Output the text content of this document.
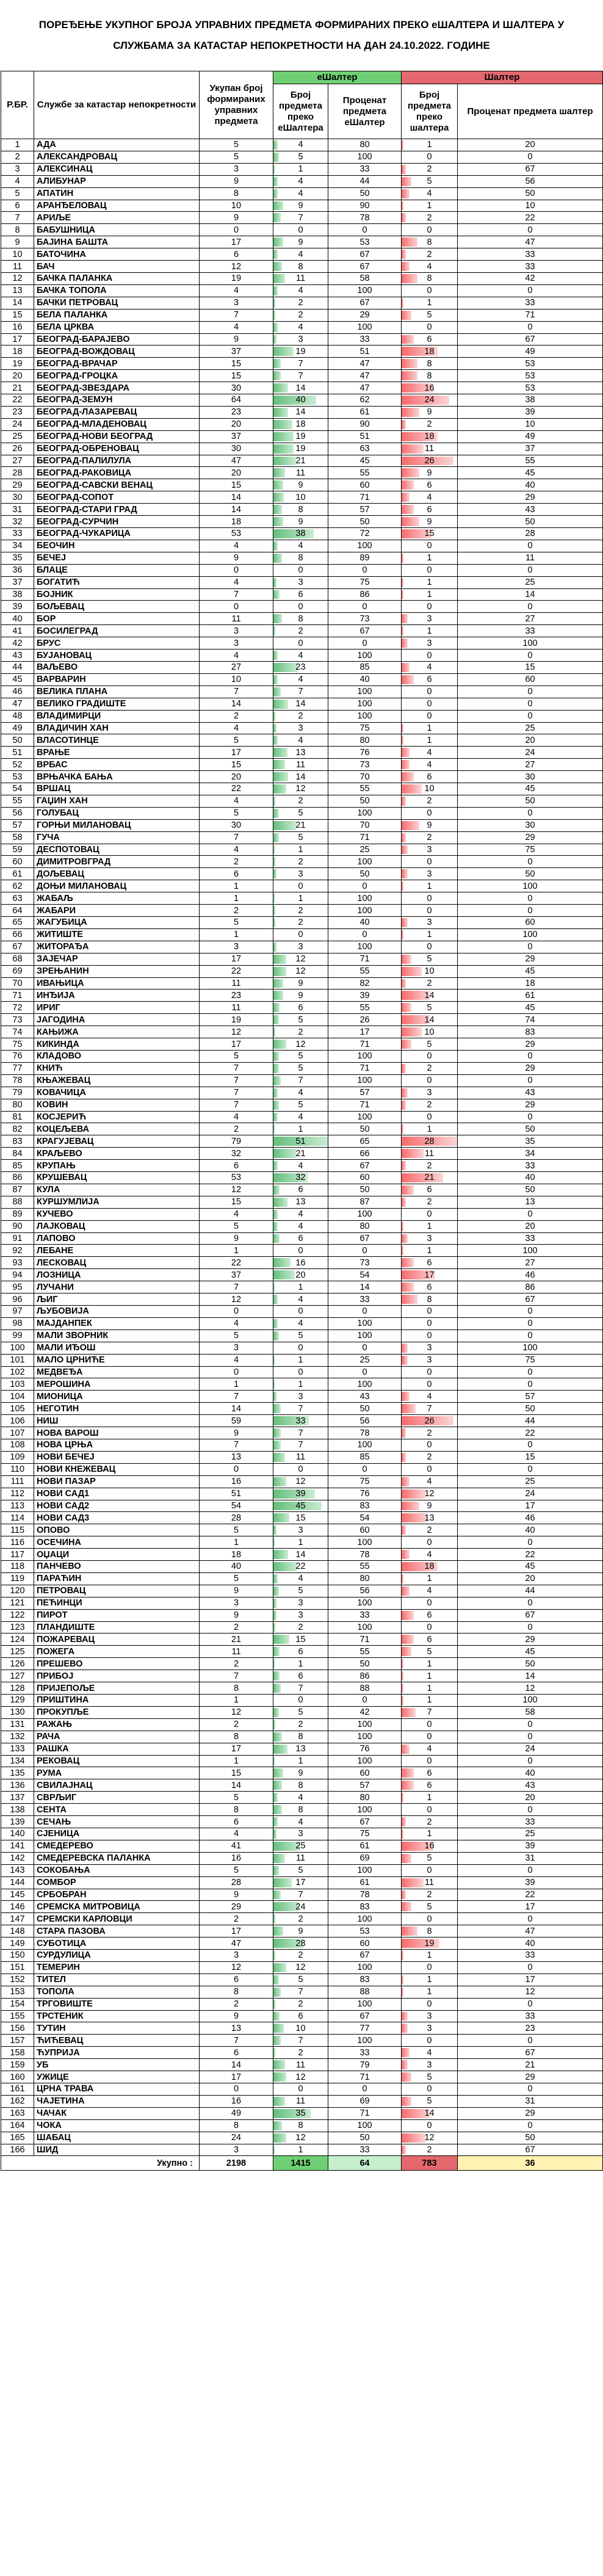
ПОРЕЂЕЊЕ УКУПНОГ БРОЈА УПРАВНИХ ПРЕДМЕТА ФОРМИРАНИХ ПРЕКО еШАЛТЕРА И ШАЛТЕРА У СЛУЖБАМА ЗА КАТАСТАР НЕПОКРЕТНОСТИ НА ДАН 24.10.2022. ГОДИНЕ
Р.БР.	Службе за катастар непокретности	Укупан број формираних управних предмета	еШалтер		Шалтер	
			Број предмета преко еШалтера	Проценат предмета еШалтер	Број предмета преко шалтера	Проценат предмета шалтер
1	АДА	5	4	80	1	20
2	АЛЕКСАНДРОВАЦ	5	5	100	0	0
3	АЛЕКСИНАЦ	3	1	33	2	67
4	АЛИБУНАР	9	4	44	5	56
5	АПАТИН	8	4	50	4	50
6	АРАНЂЕЛОВАЦ	10	9	90	1	10
7	АРИЉЕ	9	7	78	2	22
8	БАБУШНИЦА	0	0	0	0	0
9	БАЈИНА БАШТА	17	9	53	8	47
10	БАТОЧИНА	6	4	67	2	33
11	БАЧ	12	8	67	4	33
12	БАЧКА ПАЛАНКА	19	11	58	8	42
13	БАЧКА ТОПОЛА	4	4	100	0	0
14	БАЧКИ ПЕТРОВАЦ	3	2	67	1	33
15	БЕЛА ПАЛАНКА	7	2	29	5	71
16	БЕЛА ЦРКВА	4	4	100	0	0
17	БЕОГРАД-БАРАЈЕВО	9	3	33	6	67
18	БЕОГРАД-ВОЖДОВАЦ	37	19	51	18	49
19	БЕОГРАД-ВРАЧАР	15	7	47	8	53
20	БЕОГРАД-ГРОЦКА	15	7	47	8	53
21	БЕОГРАД-ЗВЕЗДАРА	30	14	47	16	53
22	БЕОГРАД-ЗЕМУН	64	40	62	24	38
23	БЕОГРАД-ЛАЗАРЕВАЦ	23	14	61	9	39
24	БЕОГРАД-МЛАДЕНОВАЦ	20	18	90	2	10
25	БЕОГРАД-НОВИ БЕОГРАД	37	19	51	18	49
26	БЕОГРАД-ОБРЕНОВАЦ	30	19	63	11	37
27	БЕОГРАД-ПАЛИЛУЛА	47	21	45	26	55
28	БЕОГРАД-РАКОВИЦА	20	11	55	9	45
29	БЕОГРАД-САВСКИ ВЕНАЦ	15	9	60	6	40
30	БЕОГРАД-СОПОТ	14	10	71	4	29
31	БЕОГРАД-СТАРИ ГРАД	14	8	57	6	43
32	БЕОГРАД-СУРЧИН	18	9	50	9	50
33	БЕОГРАД-ЧУКАРИЦА	53	38	72	15	28
34	БЕОЧИН	4	4	100	0	0
35	БЕЧЕЈ	9	8	89	1	11
36	БЛАЦЕ	0	0	0	0	0
37	БОГАТИЋ	4	3	75	1	25
38	БОЈНИК	7	6	86	1	14
39	БОЉЕВАЦ	0	0	0	0	0
40	БОР	11	8	73	3	27
41	БОСИЛЕГРАД	3	2	67	1	33
42	БРУС	3	0	0	3	100
43	БУЈАНОВАЦ	4	4	100	0	0
44	ВАЉЕВО	27	23	85	4	15
45	ВАРВАРИН	10	4	40	6	60
46	ВЕЛИКА ПЛАНА	7	7	100	0	0
47	ВЕЛИКО ГРАДИШТЕ	14	14	100	0	0
48	ВЛАДИМИРЦИ	2	2	100	0	0
49	ВЛАДИЧИН ХАН	4	3	75	1	25
50	ВЛАСОТИНЦЕ	5	4	80	1	20
51	ВРАЊЕ	17	13	76	4	24
52	ВРБАС	15	11	73	4	27
53	ВРЊАЧКА БАЊА	20	14	70	6	30
54	ВРШАЦ	22	12	55	10	45
55	ГАЏИН ХАН	4	2	50	2	50
56	ГОЛУБАЦ	5	5	100	0	0
57	ГОРЊИ МИЛАНОВАЦ	30	21	70	9	30
58	ГУЧА	7	5	71	2	29
59	ДЕСПОТОВАЦ	4	1	25	3	75
60	ДИМИТРОВГРАД	2	2	100	0	0
61	ДОЉЕВАЦ	6	3	50	3	50
62	ДОЊИ МИЛАНОВАЦ	1	0	0	1	100
63	ЖАБАЉ	1	1	100	0	0
64	ЖАБАРИ	2	2	100	0	0
65	ЖАГУБИЦА	5	2	40	3	60
66	ЖИТИШТЕ	1	0	0	1	100
67	ЖИТОРАЂА	3	3	100	0	0
68	ЗАЈЕЧАР	17	12	71	5	29
69	ЗРЕЊАНИН	22	12	55	10	45
70	ИВАЊИЦА	11	9	82	2	18
71	ИНЂИЈА	23	9	39	14	61
72	ИРИГ	11	6	55	5	45
73	ЈАГОДИНА	19	5	26	14	74
74	КАЊИЖА	12	2	17	10	83
75	КИКИНДА	17	12	71	5	29
76	КЛАДОВО	5	5	100	0	0
77	КНИЋ	7	5	71	2	29
78	КЊАЖЕВАЦ	7	7	100	0	0
79	КОВАЧИЦА	7	4	57	3	43
80	КОВИН	7	5	71	2	29
81	КОСЈЕРИЋ	4	4	100	0	0
82	КОЦЕЉЕВА	2	1	50	1	50
83	КРАГУЈЕВАЦ	79	51	65	28	35
84	КРАЉЕВО	32	21	66	11	34
85	КРУПАЊ	6	4	67	2	33
86	КРУШЕВАЦ	53	32	60	21	40
87	КУЛА	12	6	50	6	50
88	КУРШУМЛИЈА	15	13	87	2	13
89	КУЧЕВО	4	4	100	0	0
90	ЛАЈКОВАЦ	5	4	80	1	20
91	ЛАПОВО	9	6	67	3	33
92	ЛЕБАНЕ	1	0	0	1	100
93	ЛЕСКОВАЦ	22	16	73	6	27
94	ЛОЗНИЦА	37	20	54	17	46
95	ЛУЧАНИ	7	1	14	6	86
96	ЉИГ	12	4	33	8	67
97	ЉУБОВИЈА	0	0	0	0	0
98	МАЈДАНПЕК	4	4	100	0	0
99	МАЛИ ЗВОРНИК	5	5	100	0	0
100	МАЛИ ИЂОШ	3	0	0	3	100
101	МАЛО ЦРНИЋЕ	4	1	25	3	75
102	МЕДВЕЂА	0	0	0	0	0
103	МЕРОШИНА	1	1	100	0	0
104	МИОНИЦА	7	3	43	4	57
105	НЕГОТИН	14	7	50	7	50
106	НИШ	59	33	56	26	44
107	НОВА ВАРОШ	9	7	78	2	22
108	НОВА ЦРЊА	7	7	100	0	0
109	НОВИ БЕЧЕЈ	13	11	85	2	15
110	НОВИ КНЕЖЕВАЦ	0	0	0	0	0
111	НОВИ ПАЗАР	16	12	75	4	25
112	НОВИ САД1	51	39	76	12	24
113	НОВИ САД2	54	45	83	9	17
114	НОВИ САД3	28	15	54	13	46
115	ОПОВО	5	3	60	2	40
116	ОСЕЧИНА	1	1	100	0	0
117	ОЏАЦИ	18	14	78	4	22
118	ПАНЧЕВО	40	22	55	18	45
119	ПАРАЋИН	5	4	80	1	20
120	ПЕТРОВАЦ	9	5	56	4	44
121	ПЕЋИНЦИ	3	3	100	0	0
122	ПИРОТ	9	3	33	6	67
123	ПЛАНДИШТЕ	2	2	100	0	0
124	ПОЖАРЕВАЦ	21	15	71	6	29
125	ПОЖЕГА	11	6	55	5	45
126	ПРЕШЕВО	2	1	50	1	50
127	ПРИБОЈ	7	6	86	1	14
128	ПРИЈЕПОЉЕ	8	7	88	1	12
129	ПРИШТИНА	1	0	0	1	100
130	ПРОКУПЉЕ	12	5	42	7	58
131	РАЖАЊ	2	2	100	0	0
132	РАЧА	8	8	100	0	0
133	РАШКА	17	13	76	4	24
134	РЕКОВАЦ	1	1	100	0	0
135	РУМА	15	9	60	6	40
136	СВИЛАЈНАЦ	14	8	57	6	43
137	СВРЉИГ	5	4	80	1	20
138	СЕНТА	8	8	100	0	0
139	СЕЧАЊ	6	4	67	2	33
140	СЈЕНИЦА	4	3	75	1	25
141	СМЕДЕРЕВО	41	25	61	16	39
142	СМЕДЕРЕВСКА ПАЛАНКА	16	11	69	5	31
143	СОКОБАЊА	5	5	100	0	0
144	СОМБОР	28	17	61	11	39
145	СРБОБРАН	9	7	78	2	22
146	СРЕМСКА МИТРОВИЦА	29	24	83	5	17
147	СРЕМСКИ КАРЛОВЦИ	2	2	100	0	0
148	СТАРА ПАЗОВА	17	9	53	8	47
149	СУБОТИЦА	47	28	60	19	40
150	СУРДУЛИЦА	3	2	67	1	33
151	ТЕМЕРИН	12	12	100	0	0
152	ТИТЕЛ	6	5	83	1	17
153	ТОПОЛА	8	7	88	1	12
154	ТРГОВИШТЕ	2	2	100	0	0
155	ТРСТЕНИК	9	6	67	3	33
156	ТУТИН	13	10	77	3	23
157	ЋИЋЕВАЦ	7	7	100	0	0
158	ЋУПРИЈА	6	2	33	4	67
159	УБ	14	11	79	3	21
160	УЖИЦЕ	17	12	71	5	29
161	ЦРНА ТРАВА	0	0	0	0	0
162	ЧАЈЕТИНА	16	11	69	5	31
163	ЧАЧАК	49	35	71	14	29
164	ЧОКА	8	8	100	0	0
165	ШАБАЦ	24	12	50	12	50
166	ШИД	3	1	33	2	67
Укупно :		2198	1415	64	783	36
